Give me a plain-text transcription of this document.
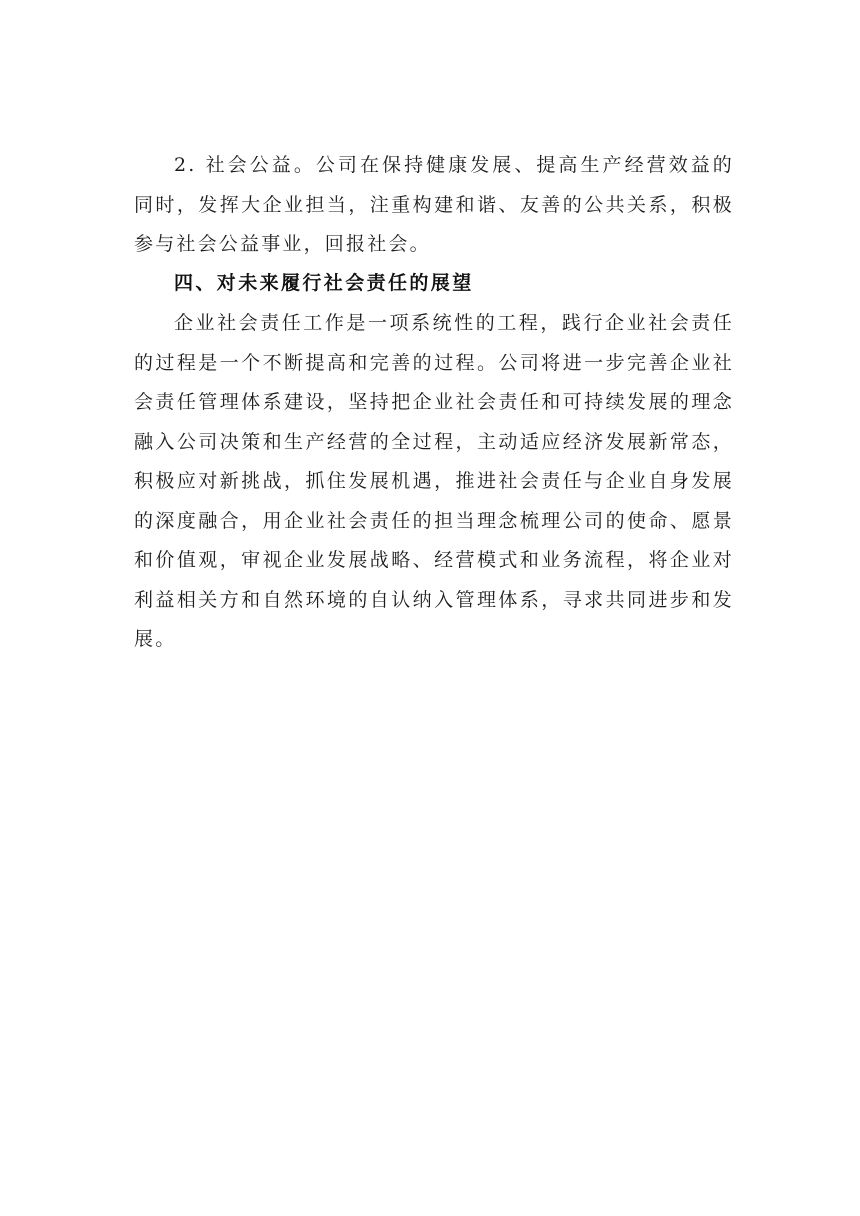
2. 社会公益。公司在保持健康发展、提高生产经营效益的同时，发挥大企业担当，注重构建和谐、友善的公共关系，积极参与社会公益事业，回报社会。

四、对未来履行社会责任的展望

企业社会责任工作是一项系统性的工程，践行企业社会责任的过程是一个不断提高和完善的过程。公司将进一步完善企业社会责任管理体系建设，坚持把企业社会责任和可持续发展的理念融入公司决策和生产经营的全过程，主动适应经济发展新常态，积极应对新挑战，抓住发展机遇，推进社会责任与企业自身发展的深度融合，用企业社会责任的担当理念梳理公司的使命、愿景和价值观，审视企业发展战略、经营模式和业务流程，将企业对利益相关方和自然环境的自认纳入管理体系，寻求共同进步和发展。
